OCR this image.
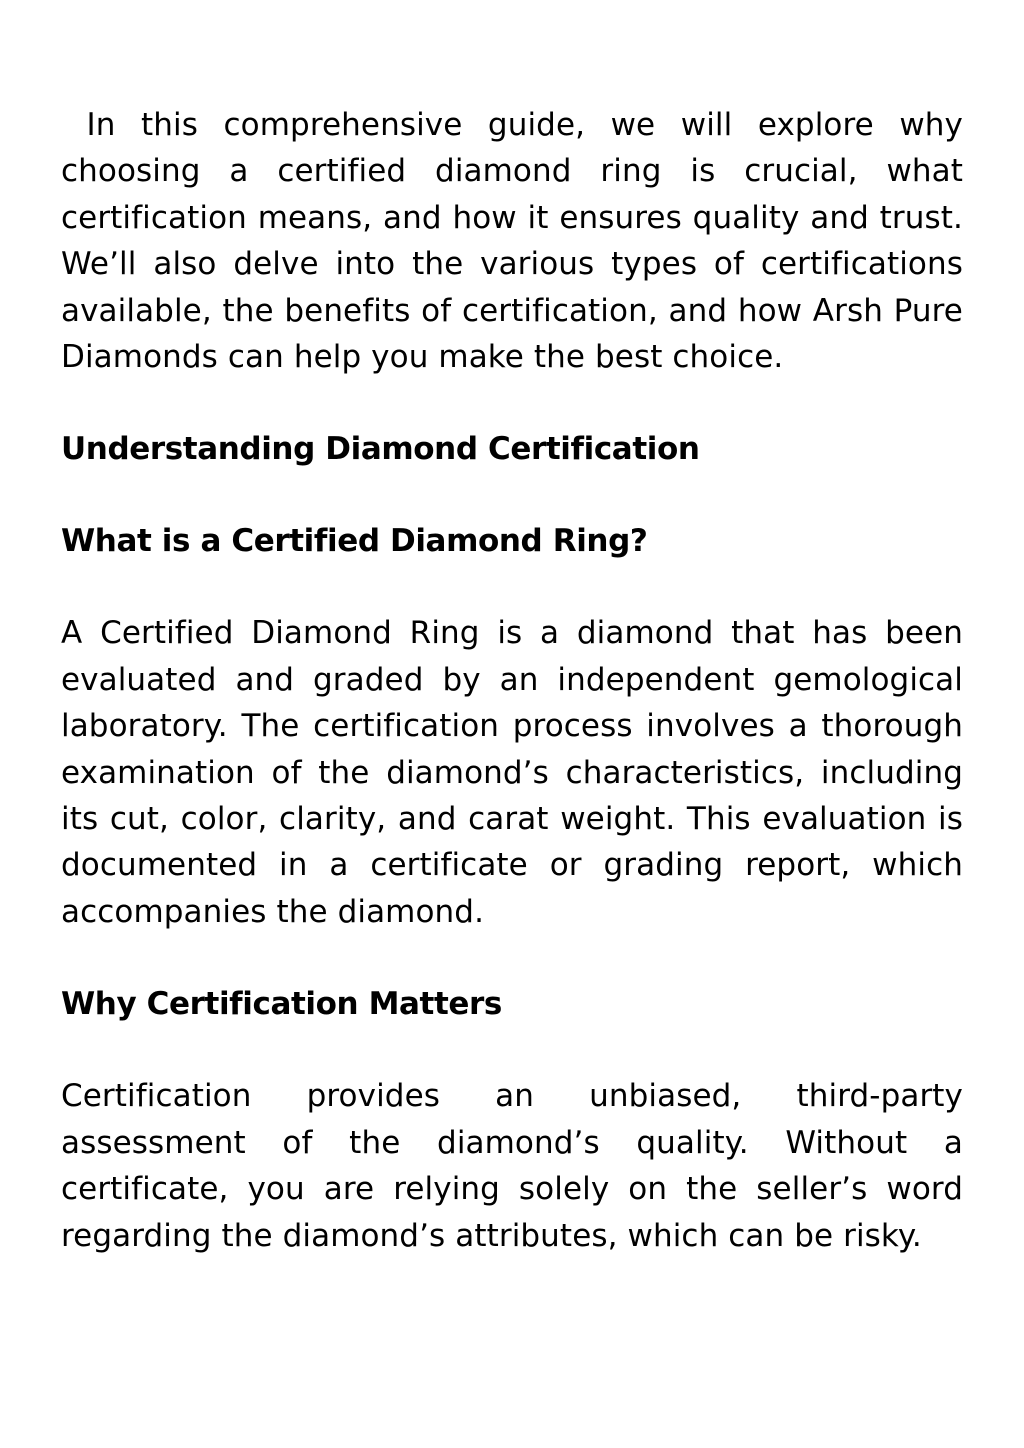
In this comprehensive guide, we will explore why choosing a certified diamond ring is crucial, what certification means, and how it ensures quality and trust. We’ll also delve into the various types of certifications available, the benefits of certification, and how Arsh Pure Diamonds can help you make the best choice.

Understanding Diamond Certification
What is a Certified Diamond Ring?

A Certified Diamond Ring is a diamond that has been evaluated and graded by an independent gemological laboratory. The certification process involves a thorough examination of the diamond’s characteristics, including its cut, color, clarity, and carat weight. This evaluation is documented in a certificate or grading report, which accompanies the diamond.

Why Certification Matters

Certification provides an unbiased, third-party assessment of the diamond’s quality. Without a certificate, you are relying solely on the seller’s word regarding the diamond’s attributes, which can be risky.
